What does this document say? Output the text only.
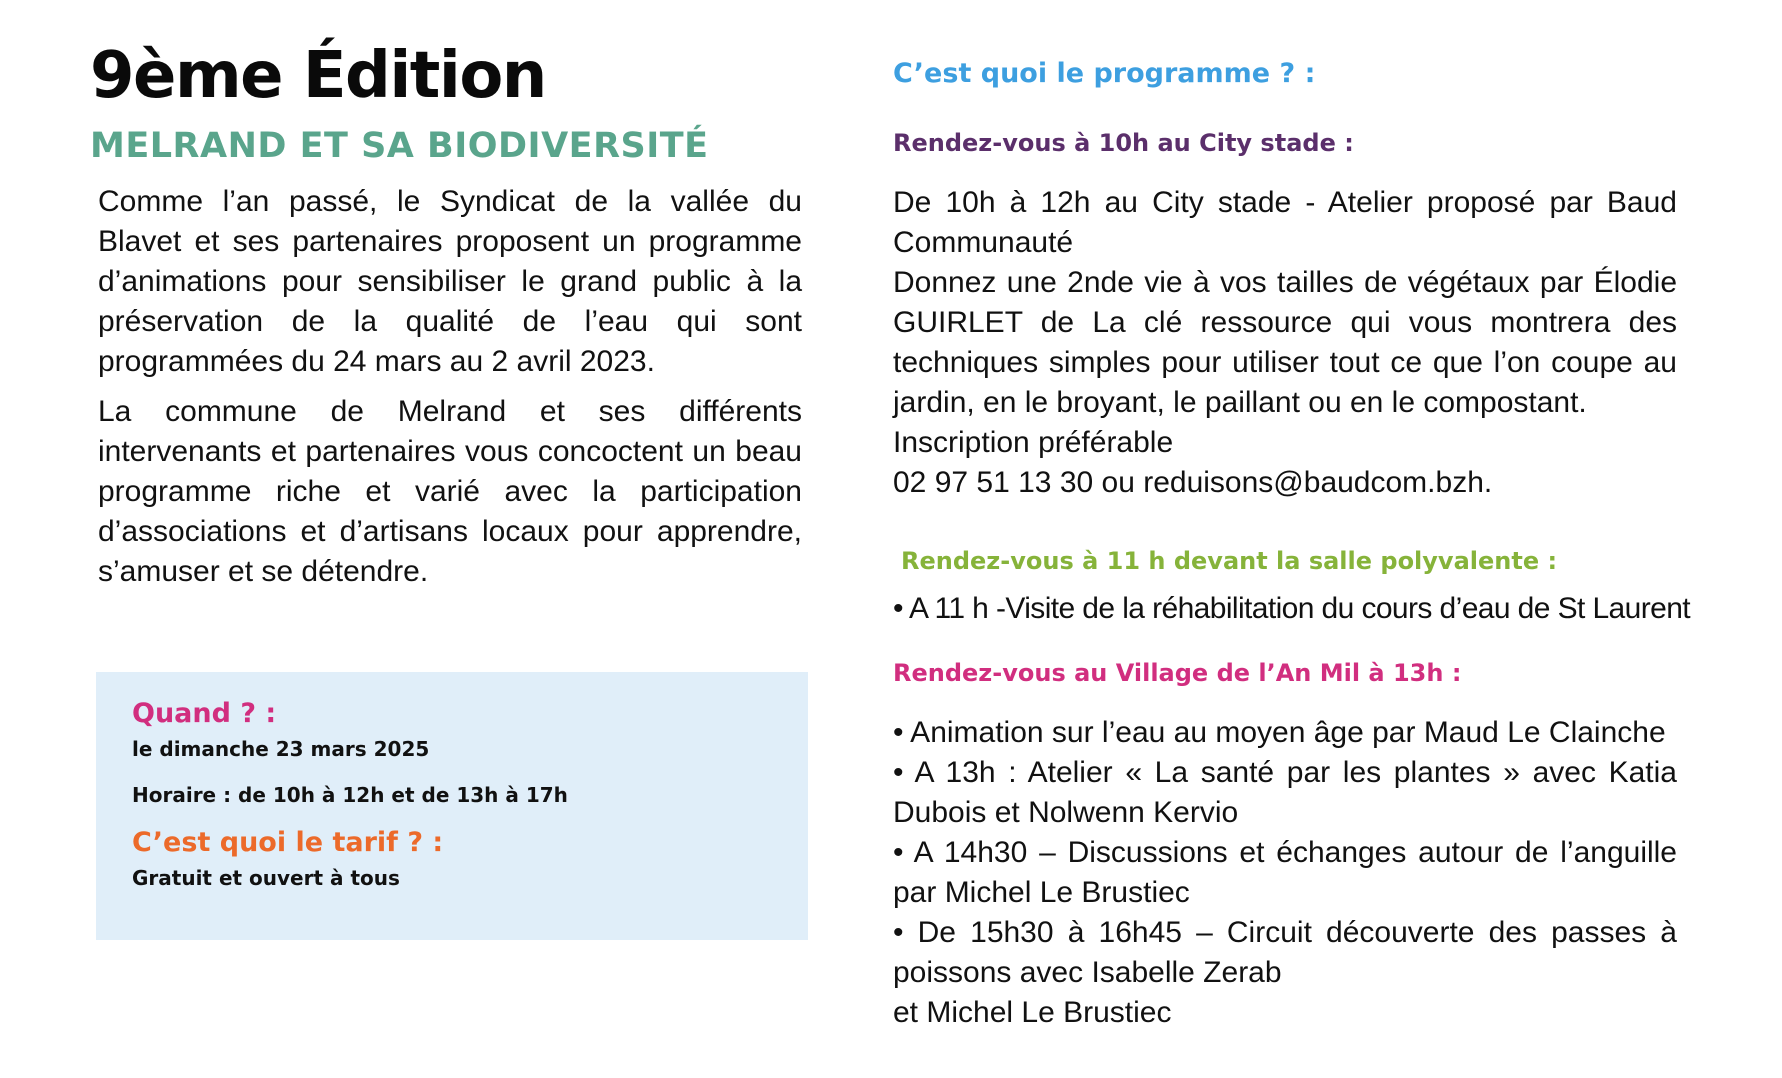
9ème Édition
MELRAND ET SA BIODIVERSITÉ

Comme l’an passé, le Syndicat de la vallée du Blavet et ses partenaires proposent un programme d’animations pour sensibiliser le grand public à la préservation de la qualité de l’eau qui sont programmées du 24 mars au 2 avril 2023.

La commune de Melrand et ses différents intervenants et partenaires vous concoctent un beau programme riche et varié avec la participation d’associations et d’artisans locaux pour apprendre, s’amuser et se détendre.

Quand ? :

le dimanche 23 mars 2025

Horaire : de 10h à 12h et de 13h à 17h

C’est quoi le tarif ? :

Gratuit et ouvert à tous

C’est quoi le programme ? :

Rendez-vous à 10h au City stade :

De 10h à 12h au City stade - Atelier proposé par Baud Communauté

Donnez une 2nde vie à vos tailles de végétaux par Élodie GUIRLET de La clé ressource qui vous montrera des techniques simples pour utiliser tout ce que l’on coupe au jardin, en le broyant, le paillant ou en le compostant.

Inscription préférable

02 97 51 13 30 ou reduisons@baudcom.bzh.

Rendez-vous à 11 h devant la salle polyvalente :

• A 11 h -Visite de la réhabilitation du cours d’eau de St Laurent

Rendez-vous au Village de l’An Mil à 13h :

• Animation sur l’eau au moyen âge par Maud Le Clainche

• A 13h : Atelier « La santé par les plantes » avec Katia Dubois et Nolwenn Kervio

• A 14h30 – Discussions et échanges autour de l’anguille par Michel Le Brustiec

• De 15h30 à 16h45 – Circuit découverte des passes à poissons avec Isabelle Zerab

et Michel Le Brustiec
